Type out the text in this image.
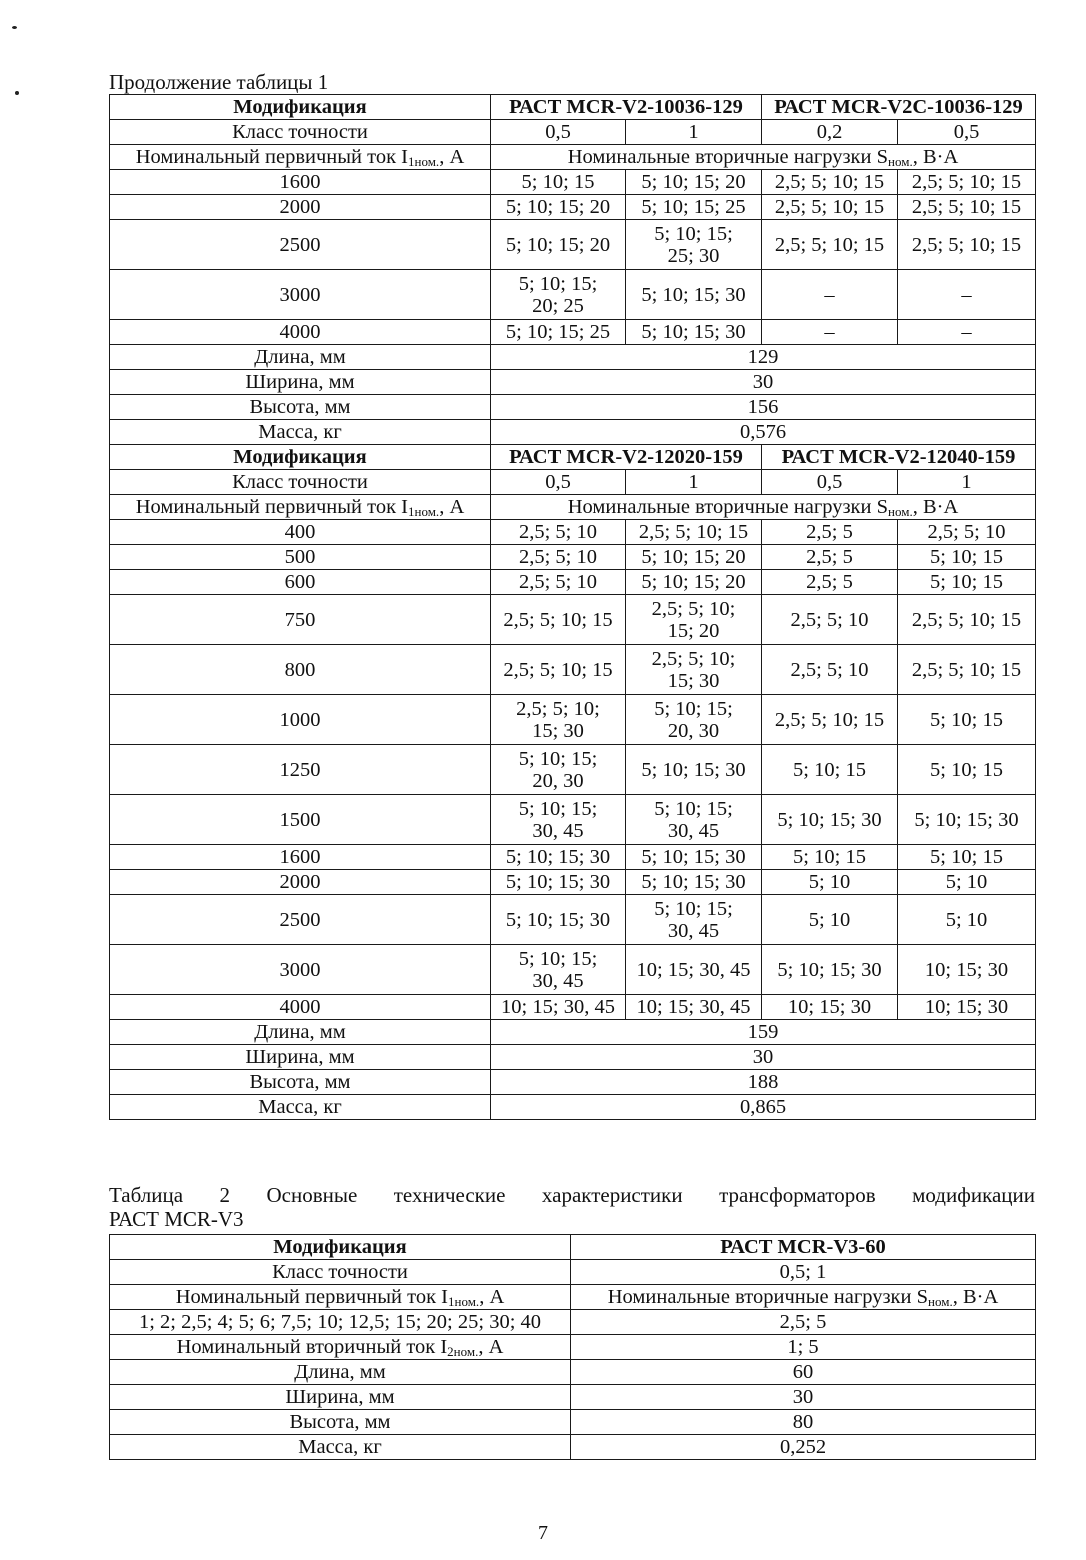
Продолжение таблицы 1
Модификация	РАСТ MCR-V2-10036-129		РАСТ MCR-V2C-10036-129	
Класс точности	0,5	1	0,2	0,5
Номинальный первичный ток $I_{1ном.}$, А	Номинальные вторичные нагрузки $S_{ном.}$, В·А			
1600	5; 10; 15	5; 10; 15; 20	2,5; 5; 10; 15	2,5; 5; 10; 15
2000	5; 10; 15; 20	5; 10; 15; 25	2,5; 5; 10; 15	2,5; 5; 10; 15
2500	5; 10; 15; 20	5; 10; 15; 25; 30	2,5; 5; 10; 15	2,5; 5; 10; 15
3000	5; 10; 15; 20; 25	5; 10; 15; 30	–	–
4000	5; 10; 15; 25	5; 10; 15; 30	–	–
Длина, мм	129			
Ширина, мм	30			
Высота, мм	156			
Масса, кг	0,576			
Модификация	РАСТ MCR-V2-12020-159		РАСТ MCR-V2-12040-159	
Класс точности	0,5	1	0,5	1
Номинальный первичный ток $I_{1ном.}$, А	Номинальные вторичные нагрузки $S_{ном.}$, В·А			
400	2,5; 5; 10	2,5; 5; 10; 15	2,5; 5	2,5; 5; 10
500	2,5; 5; 10	5; 10; 15; 20	2,5; 5	5; 10; 15
600	2,5; 5; 10	5; 10; 15; 20	2,5; 5	5; 10; 15
750	2,5; 5; 10; 15	2,5; 5; 10; 15; 20	2,5; 5; 10	2,5; 5; 10; 15
800	2,5; 5; 10; 15	2,5; 5; 10; 15; 30	2,5; 5; 10	2,5; 5; 10; 15
1000	2,5; 5; 10; 15; 30	5; 10; 15; 20, 30	2,5; 5; 10; 15	5; 10; 15
1250	5; 10; 15; 20, 30	5; 10; 15; 30	5; 10; 15	5; 10; 15
1500	5; 10; 15; 30, 45	5; 10; 15; 30, 45	5; 10; 15; 30	5; 10; 15; 30
1600	5; 10; 15; 30	5; 10; 15; 30	5; 10; 15	5; 10; 15
2000	5; 10; 15; 30	5; 10; 15; 30	5; 10	5; 10
2500	5; 10; 15; 30	5; 10; 15; 30, 45	5; 10	5; 10
3000	5; 10; 15; 30, 45	10; 15; 30, 45	5; 10; 15; 30	10; 15; 30
4000	10; 15; 30, 45	10; 15; 30, 45	10; 15; 30	10; 15; 30
Длина, мм	159			
Ширина, мм	30			
Высота, мм	188			
Масса, кг	0,865			
Таблица 2 Основные технические характеристики трансформаторов модификации
РАСТ MCR-V3
Модификация	РАСТ MCR-V3-60
Класс точности	0,5; 1
Номинальный первичный ток $I_{1ном.}$, А	Номинальные вторичные нагрузки $S_{ном.}$, В·А
1; 2; 2,5; 4; 5; 6; 7,5; 10; 12,5; 15; 20; 25; 30; 40	2,5; 5
Номинальный вторичный ток $I_{2ном.}$, А	1; 5
Длина, мм	60
Ширина, мм	30
Высота, мм	80
Масса, кг	0,252
7
